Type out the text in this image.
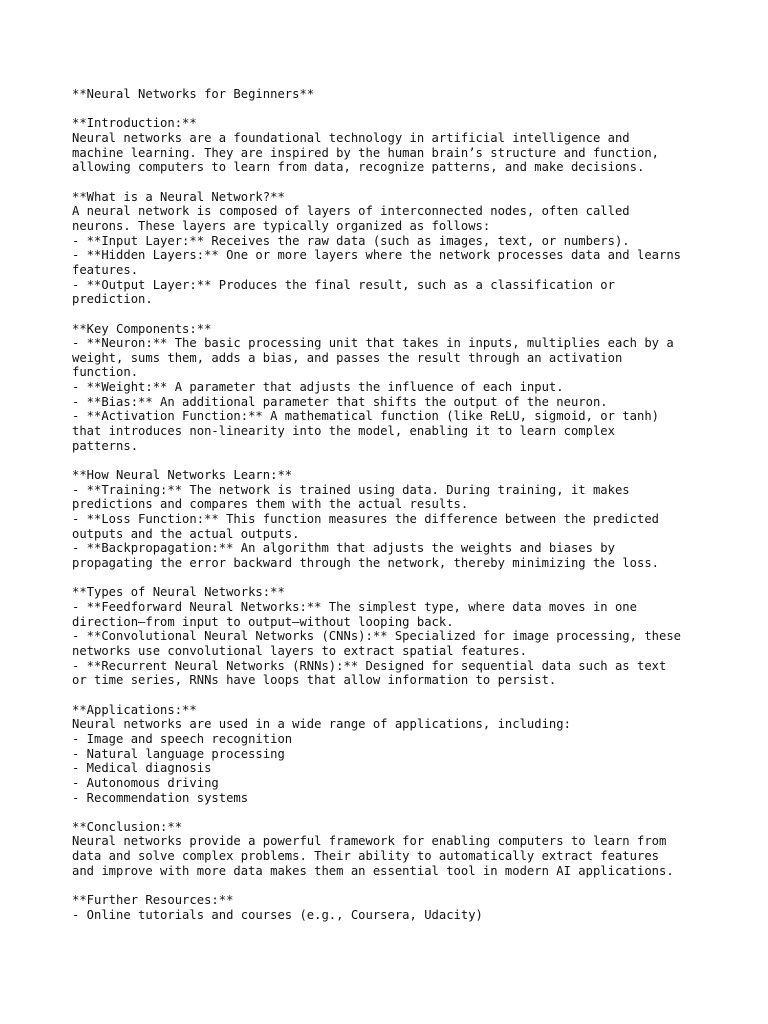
**Neural Networks for Beginners**
**Introduction:**
Neural networks are a foundational technology in artificial intelligence and
machine learning. They are inspired by the human brain’s structure and function,
allowing computers to learn from data, recognize patterns, and make decisions.
**What is a Neural Network?**
A neural network is composed of layers of interconnected nodes, often called
neurons. These layers are typically organized as follows:
- **Input Layer:** Receives the raw data (such as images, text, or numbers).
- **Hidden Layers:** One or more layers where the network processes data and learns
features.
- **Output Layer:** Produces the final result, such as a classification or
prediction.
**Key Components:**
- **Neuron:** The basic processing unit that takes in inputs, multiplies each by a
weight, sums them, adds a bias, and passes the result through an activation
function.
- **Weight:** A parameter that adjusts the influence of each input.
- **Bias:** An additional parameter that shifts the output of the neuron.
- **Activation Function:** A mathematical function (like ReLU, sigmoid, or tanh)
that introduces non-linearity into the model, enabling it to learn complex
patterns.
**How Neural Networks Learn:**
- **Training:** The network is trained using data. During training, it makes
predictions and compares them with the actual results.
- **Loss Function:** This function measures the difference between the predicted
outputs and the actual outputs.
- **Backpropagation:** An algorithm that adjusts the weights and biases by
propagating the error backward through the network, thereby minimizing the loss.
**Types of Neural Networks:**
- **Feedforward Neural Networks:** The simplest type, where data moves in one
direction—from input to output—without looping back.
- **Convolutional Neural Networks (CNNs):** Specialized for image processing, these
networks use convolutional layers to extract spatial features.
- **Recurrent Neural Networks (RNNs):** Designed for sequential data such as text
or time series, RNNs have loops that allow information to persist.
**Applications:**
Neural networks are used in a wide range of applications, including:
- Image and speech recognition
- Natural language processing
- Medical diagnosis
- Autonomous driving
- Recommendation systems
**Conclusion:**
Neural networks provide a powerful framework for enabling computers to learn from
data and solve complex problems. Their ability to automatically extract features
and improve with more data makes them an essential tool in modern AI applications.
**Further Resources:**
- Online tutorials and courses (e.g., Coursera, Udacity)
